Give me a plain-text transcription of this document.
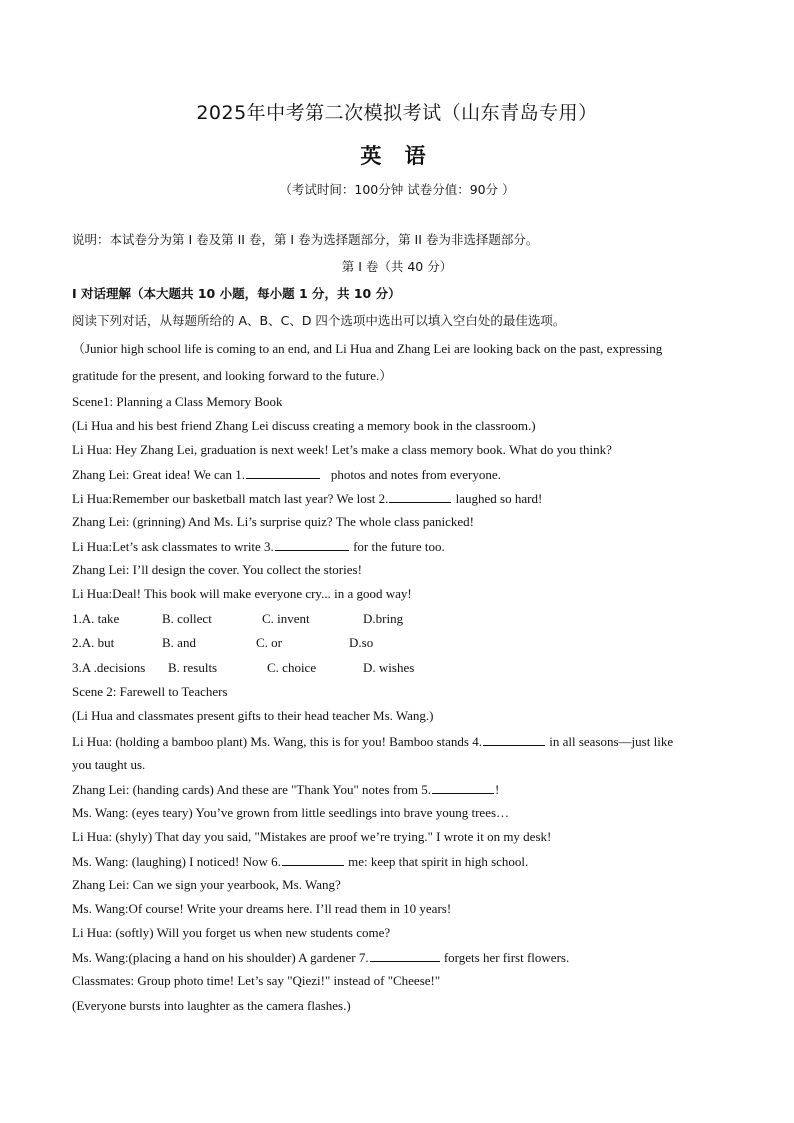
2025年中考第二次模拟考试（山东青岛专用）
英 语
（考试时间：100分钟 试卷分值：90分 ）
说明：本试卷分为第 I 卷及第 II 卷，第 I 卷为选择题部分，第 II 卷为非选择题部分。
第 I 卷（共 40 分）
I 对话理解（本大题共 10 小题，每小题 1 分，共 10 分）
阅读下列对话，从每题所给的 A、B、C、D 四个选项中选出可以填入空白处的最佳选项。
（Junior high school life is coming to an end, and Li Hua and Zhang Lei are looking back on the past, expressing
gratitude for the present, and looking forward to the future.）
Scene1: Planning a Class Memory Book
(Li Hua and his best friend Zhang Lei discuss creating a memory book in the classroom.)
Li Hua: Hey Zhang Lei, graduation is next week! Let’s make a class memory book. What do you think?
Zhang Lei: Great idea! We can 1.	photos and notes from everyone.
Li Hua:Remember our basketball match last year? We lost 2.	laughed so hard!
Zhang Lei: (grinning) And Ms. Li’s surprise quiz? The whole class panicked!
Li Hua:Let’s ask classmates to write 3.	for the future too.
Zhang Lei: I’ll design the cover. You collect the stories!
Li Hua:Deal! This book will make everyone cry... in a good way!
1.A. take	B. collect	C. invent	D.bring
2.A. but	B. and	C. or	D.so
3.A .decisions B. results	C. choice	D. wishes
Scene 2: Farewell to Teachers
(Li Hua and classmates present gifts to their head teacher Ms. Wang.)
Li Hua: (holding a bamboo plant) Ms. Wang, this is for you! Bamboo stands 4.	in all seasons—just like
you taught us.
Zhang Lei: (handing cards) And these are "Thank You" notes from 5.	!
Ms. Wang: (eyes teary) You’ve grown from little seedlings into brave young trees…
Li Hua: (shyly) That day you said, "Mistakes are proof we’re trying." I wrote it on my desk!
Ms. Wang: (laughing) I noticed! Now 6.	me: keep that spirit in high school.
Zhang Lei: Can we sign your yearbook, Ms. Wang?
Ms. Wang:Of course! Write your dreams here. I’ll read them in 10 years!
Li Hua: (softly) Will you forget us when new students come?
Ms. Wang:(placing a hand on his shoulder) A gardener 7.	forgets her first flowers.
Classmates: Group photo time! Let’s say "Qiezi!" instead of "Cheese!"
(Everyone bursts into laughter as the camera flashes.)
